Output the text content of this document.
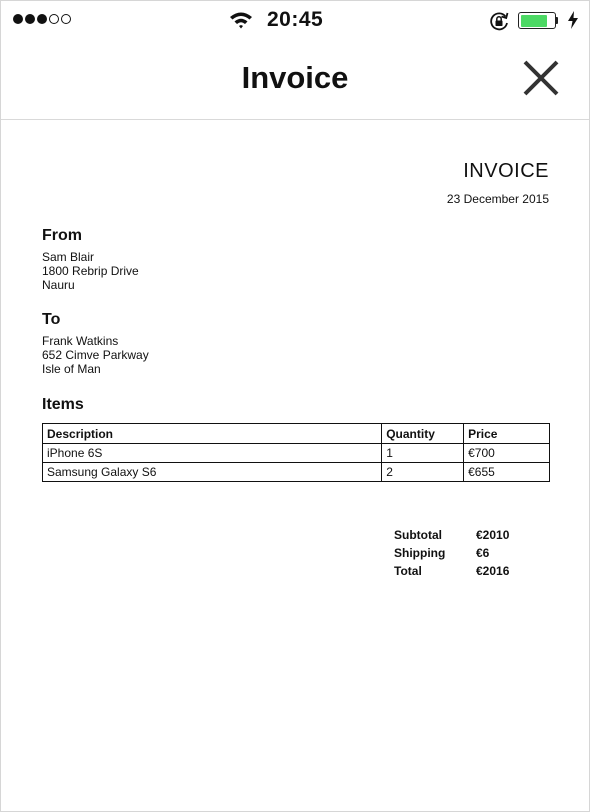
20:45
Invoice
INVOICE
23 December 2015
From
Sam Blair
1800 Rebrip Drive
Nauru
To
Frank Watkins
652 Cimve Parkway
Isle of Man
Items
Description	Quantity	Price
iPhone 6S	1	€700
Samsung Galaxy S6	2	€655
Subtotal	€2010
Shipping	€6
Total	€2016
